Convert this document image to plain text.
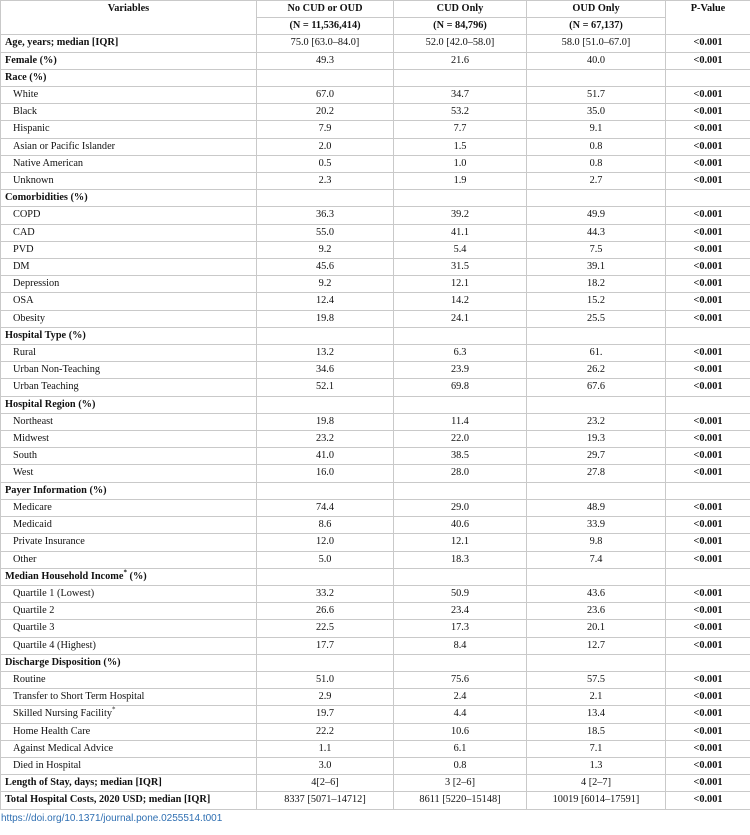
Variables	No CUD or OUD	CUD Only	OUD Only	P-Value
	(N = 11,536,414)	(N = 84,796)	(N = 67,137)	
Age, years; median [IQR]	75.0 [63.0–84.0]	52.0 [42.0–58.0]	58.0 [51.0–67.0]	<0.001
Female (%)	49.3	21.6	40.0	<0.001
Race (%)				
White	67.0	34.7	51.7	<0.001
Black	20.2	53.2	35.0	<0.001
Hispanic	7.9	7.7	9.1	<0.001
Asian or Pacific Islander	2.0	1.5	0.8	<0.001
Native American	0.5	1.0	0.8	<0.001
Unknown	2.3	1.9	2.7	<0.001
Comorbidities (%)				
COPD	36.3	39.2	49.9	<0.001
CAD	55.0	41.1	44.3	<0.001
PVD	9.2	5.4	7.5	<0.001
DM	45.6	31.5	39.1	<0.001
Depression	9.2	12.1	18.2	<0.001
OSA	12.4	14.2	15.2	<0.001
Obesity	19.8	24.1	25.5	<0.001
Hospital Type (%)				
Rural	13.2	6.3	61.	<0.001
Urban Non-Teaching	34.6	23.9	26.2	<0.001
Urban Teaching	52.1	69.8	67.6	<0.001
Hospital Region (%)				
Northeast	19.8	11.4	23.2	<0.001
Midwest	23.2	22.0	19.3	<0.001
South	41.0	38.5	29.7	<0.001
West	16.0	28.0	27.8	<0.001
Payer Information (%)				
Medicare	74.4	29.0	48.9	<0.001
Medicaid	8.6	40.6	33.9	<0.001
Private Insurance	12.0	12.1	9.8	<0.001
Other	5.0	18.3	7.4	<0.001
Median Household Income* (%)				
Quartile 1 (Lowest)	33.2	50.9	43.6	<0.001
Quartile 2	26.6	23.4	23.6	<0.001
Quartile 3	22.5	17.3	20.1	<0.001
Quartile 4 (Highest)	17.7	8.4	12.7	<0.001
Discharge Disposition (%)				
Routine	51.0	75.6	57.5	<0.001
Transfer to Short Term Hospital	2.9	2.4	2.1	<0.001
Skilled Nursing Facility*	19.7	4.4	13.4	<0.001
Home Health Care	22.2	10.6	18.5	<0.001
Against Medical Advice	1.1	6.1	7.1	<0.001
Died in Hospital	3.0	0.8	1.3	<0.001
Length of Stay, days; median [IQR]	4[2–6]	3 [2–6]	4 [2–7]	<0.001
Total Hospital Costs, 2020 USD; median [IQR]	8337 [5071–14712]	8611 [5220–15148]	10019 [6014–17591]	<0.001
https://doi.org/10.1371/journal.pone.0255514.t001
